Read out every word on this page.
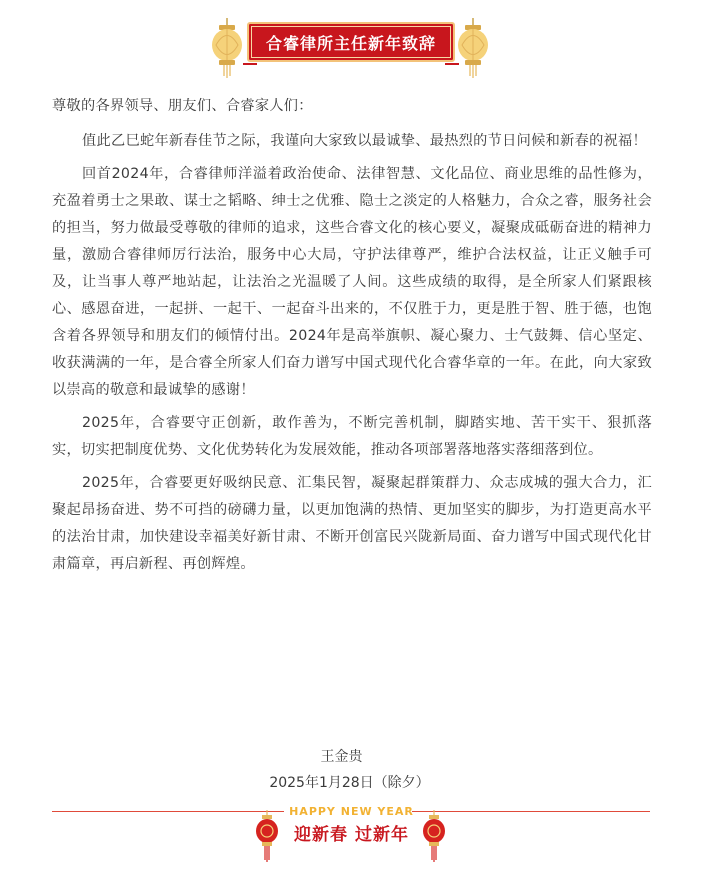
合睿律所主任新年致辞

尊敬的各界领导、朋友们、合睿家人们：

值此乙巳蛇年新春佳节之际，我谨向大家致以最诚挚、最热烈的节日问候和新春的祝福！

回首2024年，合睿律师洋溢着政治使命、法律智慧、文化品位、商业思维的品性修为，充盈着勇士之果敢、谋士之韬略、绅士之优雅、隐士之淡定的人格魅力，合众之睿，服务社会的担当，努力做最受尊敬的律师的追求，这些合睿文化的核心要义，凝聚成砥砺奋进的精神力量，激励合睿律师厉行法治，服务中心大局，守护法律尊严，维护合法权益，让正义触手可及，让当事人尊严地站起，让法治之光温暖了人间。这些成绩的取得，是全所家人们紧跟核心、感恩奋进，一起拼、一起干、一起奋斗出来的，不仅胜于力，更是胜于智、胜于德，也饱含着各界领导和朋友们的倾情付出。2024年是高举旗帜、凝心聚力、士气鼓舞、信心坚定、收获满满的一年，是合睿全所家人们奋力谱写中国式现代化合睿华章的一年。在此，向大家致以崇高的敬意和最诚挚的感谢！

2025年，合睿要守正创新，敢作善为，不断完善机制，脚踏实地、苦干实干、狠抓落实，切实把制度优势、文化优势转化为发展效能，推动各项部署落地落实落细落到位。

2025年，合睿要更好吸纳民意、汇集民智，凝聚起群策群力、众志成城的强大合力，汇聚起昂扬奋进、势不可挡的磅礴力量，以更加饱满的热情、更加坚实的脚步，为打造更高水平的法治甘肃，加快建设幸福美好新甘肃、不断开创富民兴陇新局面、奋力谱写中国式现代化甘肃篇章，再启新程、再创辉煌。

王金贵
2025年1月28日（除夕）
HAPPY NEW YEAR
迎新春 过新年
